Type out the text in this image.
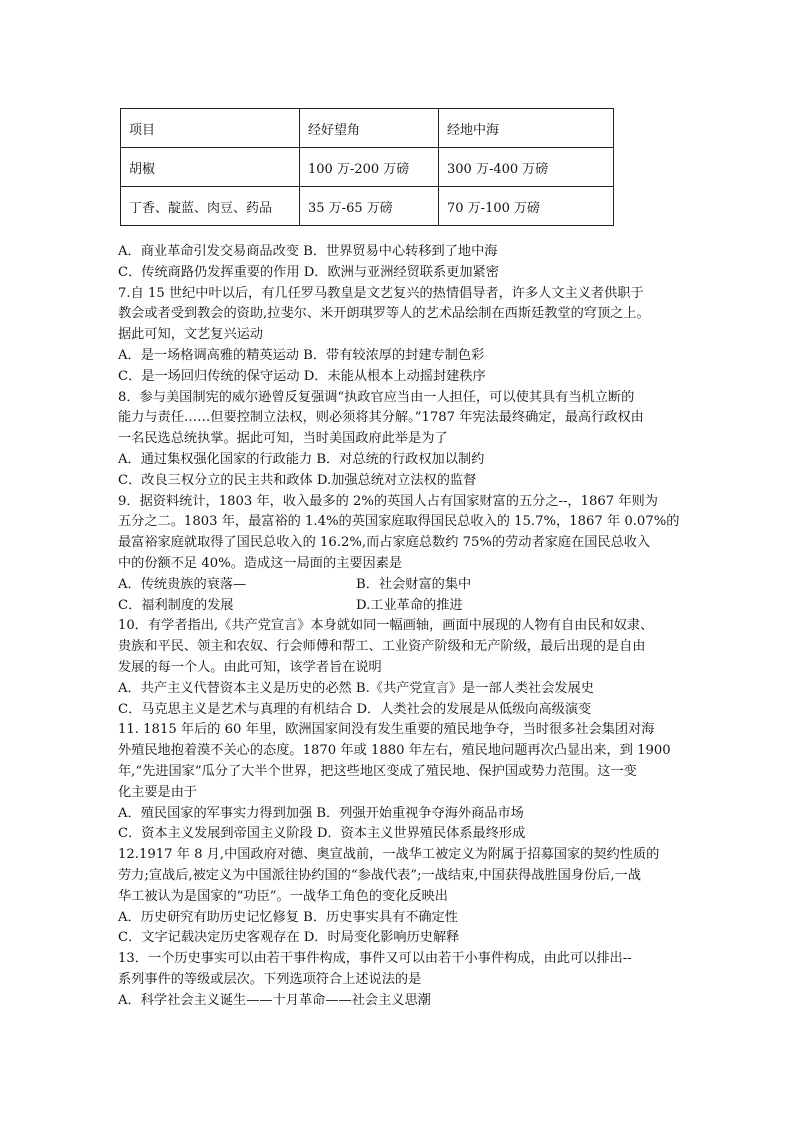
项目	经好望角	经地中海
胡椒	100 万-200 万磅	300 万-400 万磅
丁香、靛蓝、肉豆、药品	35 万-65 万磅	70 万-100 万磅
A．商业革命引发交易商品改变 B．世界贸易中心转移到了地中海
C．传统商路仍发挥重要的作用 D．欧洲与亚洲经贸联系更加紧密
7.自 15 世纪中叶以后，有几任罗马教皇是文艺复兴的热情倡导者，许多人文主义者供职于
教会或者受到教会的资助,拉斐尔、米开朗琪罗等人的艺术品绘制在西斯廷教堂的穹顶之上。
据此可知，文艺复兴运动
A．是一场格调高雅的精英运动 B．带有较浓厚的封建专制色彩
C．是一场回归传统的保守运动 D．未能从根本上动摇封建秩序
8．参与美国制宪的威尔逊曾反复强调“执政官应当由一人担任，可以使其具有当机立断的
能力与责任……但要控制立法权，则必须将其分解。”1787 年宪法最终确定，最高行政权由
一名民选总统执掌。据此可知，当时美国政府此举是为了
A．通过集权强化国家的行政能力 B．对总统的行政权加以制约
C．改良三权分立的民主共和政体 D.加强总统对立法权的监督
9．据资料统计，1803 年，收入最多的 2%的英国人占有国家财富的五分之--，1867 年则为
五分之二。1803 年，最富裕的 1.4%的英国家庭取得国民总收入的 15.7%，1867 年 0.07%的
最富裕家庭就取得了国民总收入的 16.2%,而占家庭总数约 75%的劳动者家庭在国民总收入
中的份额不足 40%。造成这一局面的主要因素是
A．传统贵族的衰落—	B．社会财富的集中
C．福利制度的发展	D.工业革命的推进
10．有学者指出,《共产党宣言》本身就如同一幅画轴，画面中展现的人物有自由民和奴隶、
贵族和平民、领主和农奴、行会师傅和帮工、工业资产阶级和无产阶级，最后出现的是自由
发展的每一个人。由此可知，该学者旨在说明
A．共产主义代替资本主义是历史的必然 B.《共产党宣言》是一部人类社会发展史
C．马克思主义是艺术与真理的有机结合 D．人类社会的发展是从低级向高级演变
11. 1815 年后的 60 年里，欧洲国家间没有发生重要的殖民地争夺，当时很多社会集团对海
外殖民地抱着漠不关心的态度。1870 年或 1880 年左右，殖民地问题再次凸显出来，到 1900
年,“先进国家”瓜分了大半个世界，把这些地区变成了殖民地、保护国或势力范围。这一变
化主要是由于
A．殖民国家的军事实力得到加强 B．列强开始重视争夺海外商品市场
C．资本主义发展到帝国主义阶段 D．资本主义世界殖民体系最终形成
12.1917 年 8 月,中国政府对德、奥宣战前，一战华工被定义为附属于招募国家的契约性质的
劳力;宣战后,被定义为中国派往协约国的“参战代表”;一战结束,中国获得战胜国身份后,一战
华工被认为是国家的“功臣”。一战华工角色的变化反映出
A．历史研究有助历史记忆修复 B．历史事实具有不确定性
C．文字记载决定历史客观存在 D．时局变化影响历史解释
13．一个历史事实可以由若干事件构成，事件又可以由若干小事件构成，由此可以排出--
系列事件的等级或层次。下列选项符合上述说法的是
A．科学社会主义诞生——十月革命——社会主义思潮
